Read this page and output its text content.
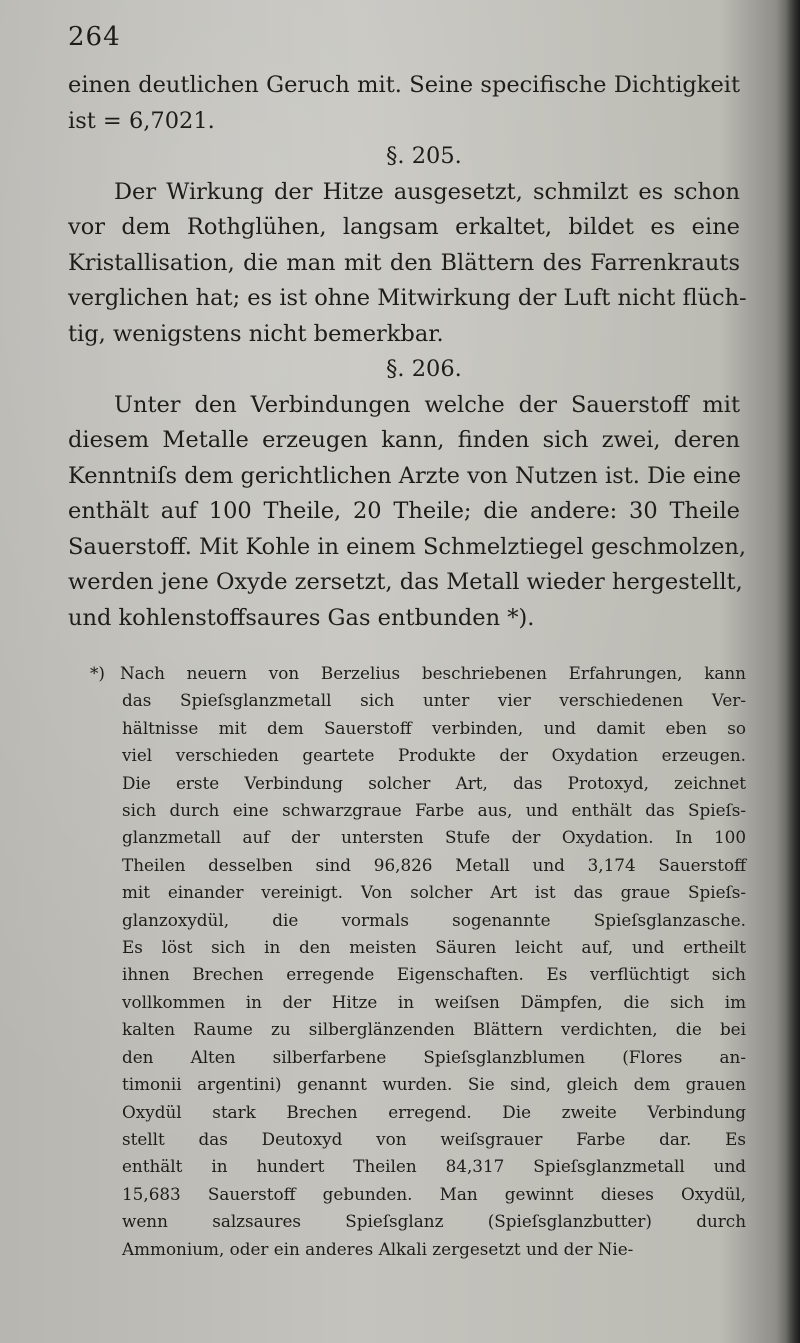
264
einen deutlichen Geruch mit. Seine specifische Dichtigkeit
ist = 6,7021.
§. 205.
Der Wirkung der Hitze ausgesetzt, schmilzt es schon
vor dem Rothglühen, langsam erkaltet, bildet es eine
Kristallisation, die man mit den Blättern des Farrenkrauts
verglichen hat; es ist ohne Mitwirkung der Luft nicht flüch-
tig, wenigstens nicht bemerkbar.
§. 206.
Unter den Verbindungen welche der Sauerstoff mit
diesem Metalle erzeugen kann, finden sich zwei, deren
Kenntniſs dem gerichtlichen Arzte von Nutzen ist. Die eine
enthält auf 100 Theile, 20 Theile; die andere: 30 Theile
Sauerstoff. Mit Kohle in einem Schmelztiegel geschmolzen,
werden jene Oxyde zersetzt, das Metall wieder hergestellt,
und kohlenstoffsaures Gas entbunden *).
*) Nach neuern von Berzelius beschriebenen Erfahrungen, kann
das Spieſsglanzmetall sich unter vier verschiedenen Ver-
hältnisse mit dem Sauerstoff verbinden, und damit eben so
viel verschieden geartete Produkte der Oxydation erzeugen.
Die erste Verbindung solcher Art, das Protoxyd, zeichnet
sich durch eine schwarzgraue Farbe aus, und enthält das Spieſs-
glanzmetall auf der untersten Stufe der Oxydation. In 100
Theilen desselben sind 96,826 Metall und 3,174 Sauerstoff
mit einander vereinigt. Von solcher Art ist das graue Spieſs-
glanzoxydül, die vormals sogenannte Spieſsglanzasche.
Es löst sich in den meisten Säuren leicht auf, und ertheilt
ihnen Brechen erregende Eigenschaften. Es verflüchtigt sich
vollkommen in der Hitze in weiſsen Dämpfen, die sich im
kalten Raume zu silberglänzenden Blättern verdichten, die bei
den Alten silberfarbene Spieſsglanzblumen (Flores an-
timonii argentini) genannt wurden. Sie sind, gleich dem grauen
Oxydül stark Brechen erregend. Die zweite Verbindung
stellt das Deutoxyd von weiſsgrauer Farbe dar. Es
enthält in hundert Theilen 84,317 Spieſsglanzmetall und
15,683 Sauerstoff gebunden. Man gewinnt dieses Oxydül,
wenn salzsaures Spieſsglanz (Spieſsglanzbutter) durch
Ammonium, oder ein anderes Alkali zergesetzt und der Nie-
